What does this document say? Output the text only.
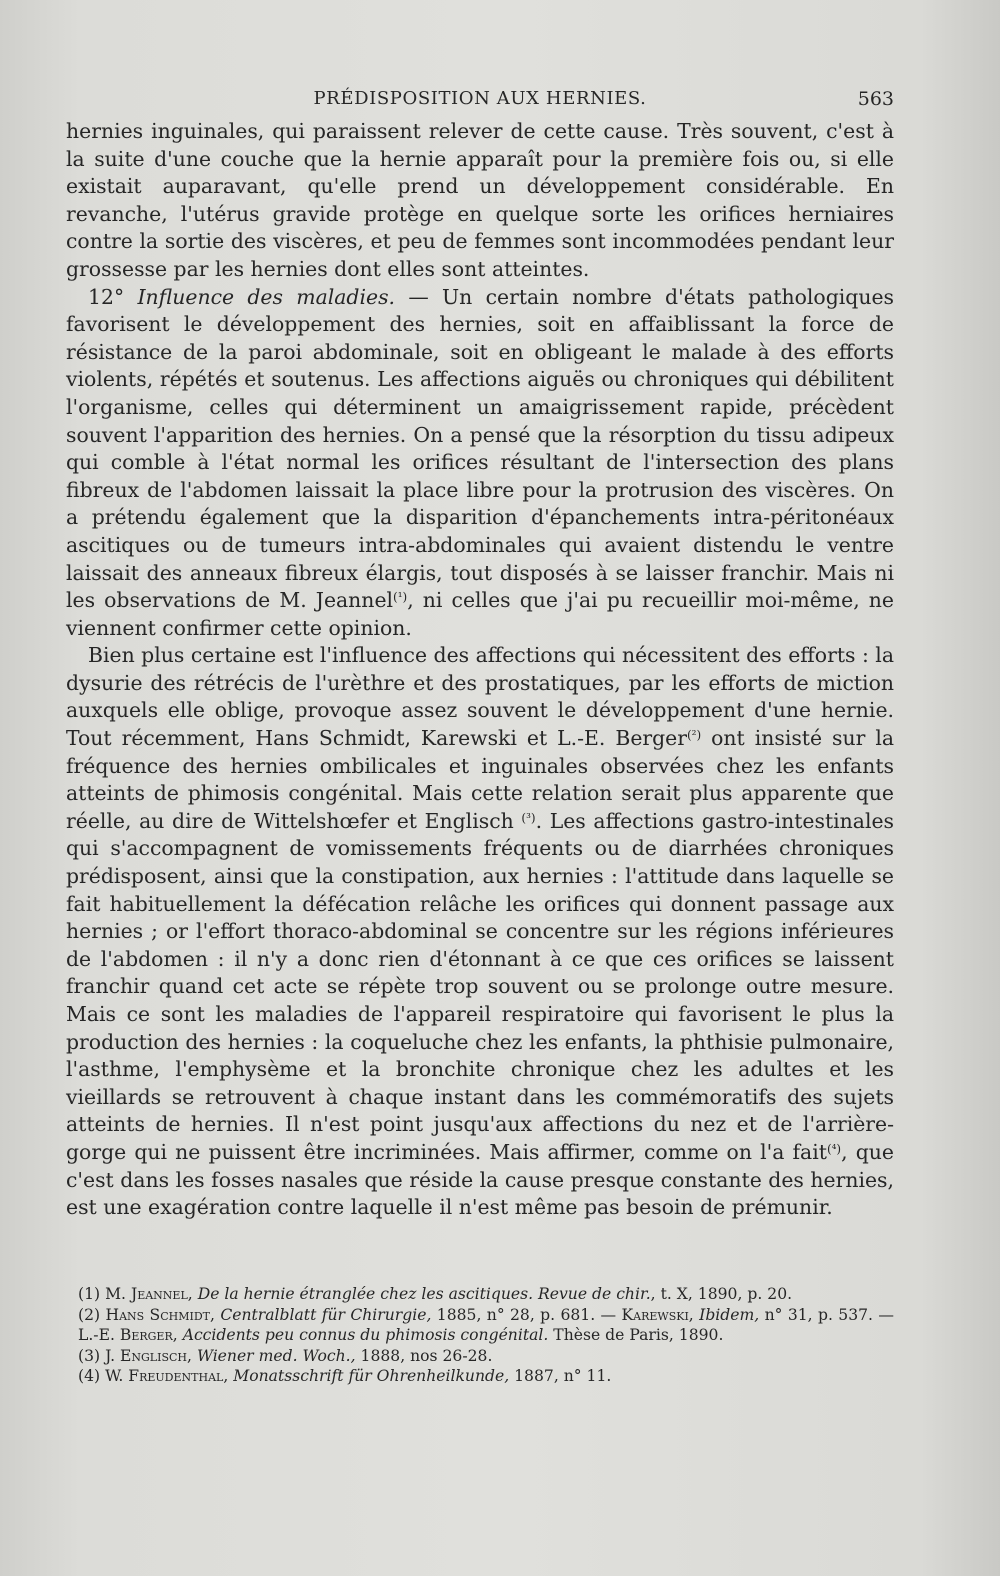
PRÉDISPOSITION AUX HERNIES.	563

hernies inguinales, qui paraissent relever de cette cause. Très souvent, c'est à la suite d'une couche que la hernie apparaît pour la première fois ou, si elle existait auparavant, qu'elle prend un développement considérable. En revanche, l'utérus gravide protège en quelque sorte les orifices herniaires contre la sortie des viscères, et peu de femmes sont incommodées pendant leur grossesse par les hernies dont elles sont atteintes.

12° Influence des maladies. — Un certain nombre d'états pathologiques favorisent le développement des hernies, soit en affaiblissant la force de résistance de la paroi abdominale, soit en obligeant le malade à des efforts violents, répétés et soutenus. Les affections aiguës ou chroniques qui débilitent l'organisme, celles qui déterminent un amaigrissement rapide, précèdent souvent l'apparition des hernies. On a pensé que la résorption du tissu adipeux qui comble à l'état normal les orifices résultant de l'intersection des plans fibreux de l'abdomen laissait la place libre pour la protrusion des viscères. On a prétendu également que la disparition d'épanchements intra-péritonéaux ascitiques ou de tumeurs intra-abdominales qui avaient distendu le ventre laissait des anneaux fibreux élargis, tout disposés à se laisser franchir. Mais ni les observations de M. Jeannel$^{(^1)}$, ni celles que j'ai pu recueillir moi-même, ne viennent confirmer cette opinion.

Bien plus certaine est l'influence des affections qui nécessitent des efforts : la dysurie des rétrécis de l'urèthre et des prostatiques, par les efforts de miction auxquels elle oblige, provoque assez souvent le développement d'une hernie. Tout récemment, Hans Schmidt, Karewski et L.-E. Berger$^{(^2)}$ ont insisté sur la fréquence des hernies ombilicales et inguinales observées chez les enfants atteints de phimosis congénital. Mais cette relation serait plus apparente que réelle, au dire de Wittelshœfer et Englisch $^{(^3)}$. Les affections gastro-intestinales qui s'accompagnent de vomissements fréquents ou de diarrhées chroniques prédisposent, ainsi que la constipation, aux hernies : l'attitude dans laquelle se fait habituellement la défécation relâche les orifices qui donnent passage aux hernies ; or l'effort thoraco-abdominal se concentre sur les régions inférieures de l'abdomen : il n'y a donc rien d'étonnant à ce que ces orifices se laissent franchir quand cet acte se répète trop souvent ou se prolonge outre mesure. Mais ce sont les maladies de l'appareil respiratoire qui favorisent le plus la production des hernies : la coqueluche chez les enfants, la phthisie pulmonaire, l'asthme, l'emphysème et la bronchite chronique chez les adultes et les vieillards se retrouvent à chaque instant dans les commémoratifs des sujets atteints de hernies. Il n'est point jusqu'aux affections du nez et de l'arrière-gorge qui ne puissent être incriminées. Mais affirmer, comme on l'a fait$^{(^4)}$, que c'est dans les fosses nasales que réside la cause presque constante des hernies, est une exagération contre laquelle il n'est même pas besoin de prémunir.

(1) M. Jeannel, De la hernie étranglée chez les ascitiques. Revue de chir., t. X, 1890, p. 20.

(2) Hans Schmidt, Centralblatt für Chirurgie, 1885, n° 28, p. 681. — Karewski, Ibidem, n° 31, p. 537. — L.-E. Berger, Accidents peu connus du phimosis congénital. Thèse de Paris, 1890.

(3) J. Englisch, Wiener med. Woch., 1888, nos 26-28.

(4) W. Freudenthal, Monatsschrift für Ohrenheilkunde, 1887, n° 11.
